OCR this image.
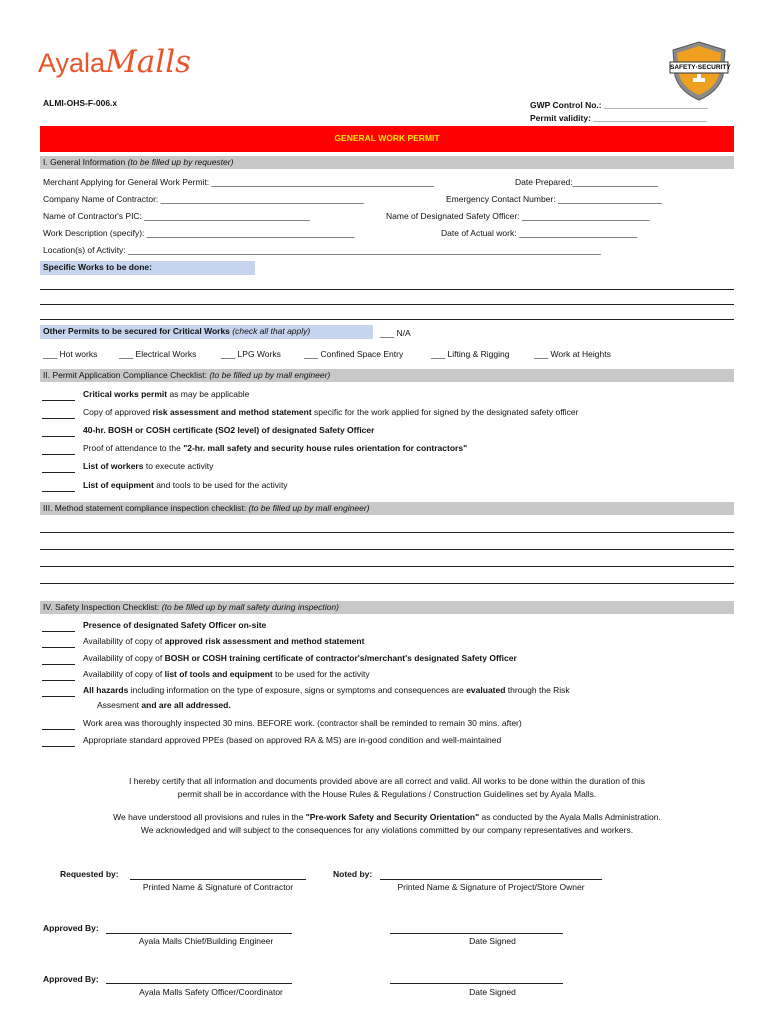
AyalaMalls	SAFETY·SECURITY
ALMI-OHS-F-006.x	GWP Control No.: ______________________
Permit validity: ________________________
GENERAL WORK PERMIT
I. General Information (to be filled up by requester)
Merchant Applying for General Work Permit: _______________________________________________	Date Prepared:__________________
Company Name of Contractor: ___________________________________________	Emergency Contact Number: ______________________
Name of Contractor's PIC: ___________________________________	Name of Designated Safety Officer: ___________________________
Work Description (specify): ____________________________________________	Date of Actual work: _________________________
Location(s) of Activity: ____________________________________________________________________________________________________
Specific Works to be done:
Other Permits to be secured for Critical Works (check all that apply)	___ N/A
___ Hot works	___ Electrical Works	___ LPG Works	___ Confined Space Entry	___ Lifting & Rigging	___ Work at Heights
II. Permit Application Compliance Checklist: (to be filled up by mall engineer)
Critical works permit as may be applicable
Copy of approved risk assessment and method statement specific for the work applied for signed by the designated safety officer
40-hr. BOSH or COSH certificate (SO2 level) of designated Safety Officer
Proof of attendance to the "2-hr. mall safety and security house rules orientation for contractors"
List of workers to execute activity
List of equipment and tools to be used for the activity
III. Method statement compliance inspection checklist: (to be filled up by mall engineer)
IV. Safety Inspection Checklist: (to be filled up by mall safety during inspection)
Presence of designated Safety Officer on-site
Availability of copy of approved risk assessment and method statement
Availability of copy of BOSH or COSH training certificate of contractor's/merchant's designated Safety Officer
Availability of copy of list of tools and equipment to be used for the activity
All hazards including information on the type of exposure, signs or symptoms and consequences are evaluated through the Risk
Assesment and are all addressed.
Work area was thoroughly inspected 30 mins. BEFORE work. (contractor shall be reminded to remain 30 mins. after)
Appropriate standard approved PPEs (based on approved RA & MS) are in-good condition and well-maintained
I hereby certify that all information and documents provided above are all correct and valid. All works to be done within the duration of this
permit shall be in accordance with the House Rules & Regulations / Construction Guidelines set by Ayala Malls.
We have understood all provisions and rules in the "Pre-work Safety and Security Orientation" as conducted by the Ayala Malls Administration.
We acknowledged and will subject to the consequences for any violations committed by our company representatives and workers.
Requested by:
Printed Name & Signature of Contractor
Noted by:
Printed Name & Signature of Project/Store Owner
Approved By:
Ayala Malls Chief/Building Engineer	Date Signed
Approved By:
Ayala Malls Safety Officer/Coordinator	Date Signed
